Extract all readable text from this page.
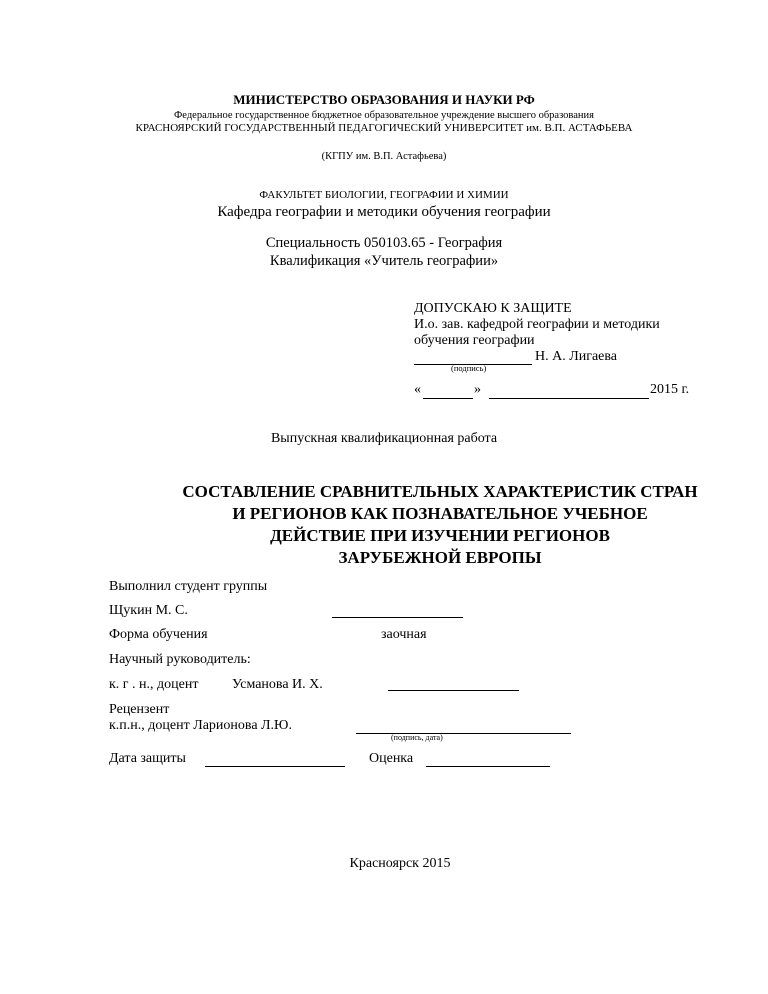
МИНИСТЕРСТВО ОБРАЗОВАНИЯ И НАУКИ РФ
Федеральное государственное бюджетное образовательное учреждение высшего образования
КРАСНОЯРСКИЙ ГОСУДАРСТВЕННЫЙ ПЕДАГОГИЧЕСКИЙ УНИВЕРСИТЕТ им. В.П. АСТАФЬЕВА
(КГПУ им. В.П. Астафьева)
ФАКУЛЬТЕТ БИОЛОГИИ, ГЕОГРАФИИ И ХИМИИ
Кафедра географии и методики обучения географии
Специальность 050103.65 - География
Квалификация «Учитель географии»
ДОПУСКАЮ К ЗАЩИТЕ
И.о. зав. кафедрой географии и методики
обучения географии
Н. А. Лигаева
(подпись)
«	»	2015 г.
Выпускная квалификационная работа
СОСТАВЛЕНИЕ СРАВНИТЕЛЬНЫХ ХАРАКТЕРИСТИК СТРАН
И РЕГИОНОВ КАК ПОЗНАВАТЕЛЬНОЕ УЧЕБНОЕ
ДЕЙСТВИЕ ПРИ ИЗУЧЕНИИ РЕГИОНОВ
ЗАРУБЕЖНОЙ ЕВРОПЫ
Выполнил студент группы
Щукин М. С.
Форма обучения	заочная
Научный руководитель:
к. г . н., доцент Усманова И. Х.
Рецензент
к.п.н., доцент Ларионова Л.Ю.
(подпись, дата)
Дата защиты	Оценка
Красноярск 2015
